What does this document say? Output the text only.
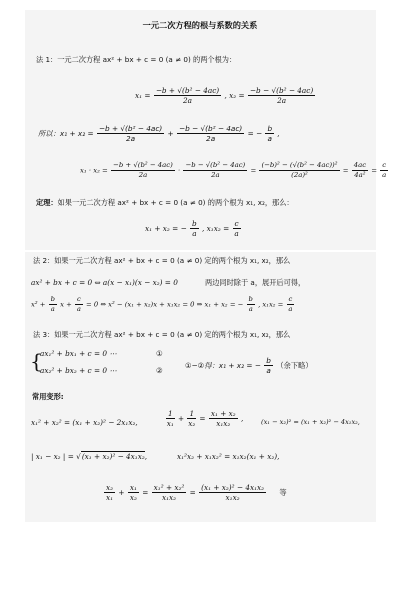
一元二次方程的根与系数的关系
法 1：一元二次方程 ax² + bx + c = 0 (a ≠ 0) 的两个根为：
$x_1 = \frac{\text{−b + √(b² − 4ac)}}{2a}$ , $x_2 = \frac{\text{−b − √(b² − 4ac)}}{2a}$
所以：$x_1 + x_2 = \frac{\text{−b + √(b² − 4ac)}}{2a} + \frac{\text{−b − √(b² − 4ac)}}{2a}$ = − $\frac{b}{a}$ ,
$x_1 \cdot x_2 = \frac{\text{−b + √(b² − 4ac)}}{2a} \cdot \frac{\text{−b − √(b² − 4ac)}}{2a} = \frac{\text{(−b)² − (√(b² − 4ac))²}}{\text{(2a)²}} = \frac{4ac}{\text{4a²}} = \frac{c}{a}$
定理：如果一元二次方程 ax² + bx + c = 0 (a ≠ 0) 的两个根为 x₁, x₂，那么：
x₁ + x₂ = − $\frac{b}{a}$ , $x_1x_2 = \frac{c}{a}$
法 2：如果一元二次方程 ax² + bx + c = 0 (a ≠ 0) 定的两个根为 x₁, x₂，那么
ax² + bx + c = 0 ⇔ a(x − x₁)(x − x₂) = 0	两边同时除于 a，展开后可得，
$x^2 + \frac{b}{a}$ $x + \frac{c}{a} = 0$ ⇔ x² − (x₁ + x₂)x + x₁x₂ = 0 ⇒ x₁ + x₂ = − $\frac{b}{a}$ , $x_1x_2 = \frac{c}{a}$
法 3：如果一元二次方程 ax² + bx + c = 0 (a ≠ 0) 定的两个根为 x₁, x₂，那么
{
ax₁² + bx₁ + c = 0 ⋯	①
ax₂² + bx₂ + c = 0 ⋯	②
①−②得：x₁ + x₂ = − $\frac{b}{a}$ （余下略）
常用变形:
x₁² + x₂² = (x₁ + x₂)² − 2x₁x₂,	$\frac{1}{\text{x₁}} + \frac{1}{\text{x₂}} = \frac{\text{x₁ + x₂}}{\text{x₁x₂}}$ ,	(x₁ − x₂)² = (x₁ + x₂)² − 4x₁x₂,
| x₁ − x₂ | = √(x₁ + x₂)² − 4x₁x₂,	x₁²x₂ + x₁x₂² = x₁x₂(x₁ + x₂),
$\frac{\text{x₂}}{\text{x₁}} + \frac{\text{x₁}}{\text{x₂}} = \frac{\text{x₁² + x₂²}}{\text{x₁x₂}} = \frac{\text{(x₁ + x₂)² − 4x₁x₂}}{\text{x₁x₂}}$ 等
